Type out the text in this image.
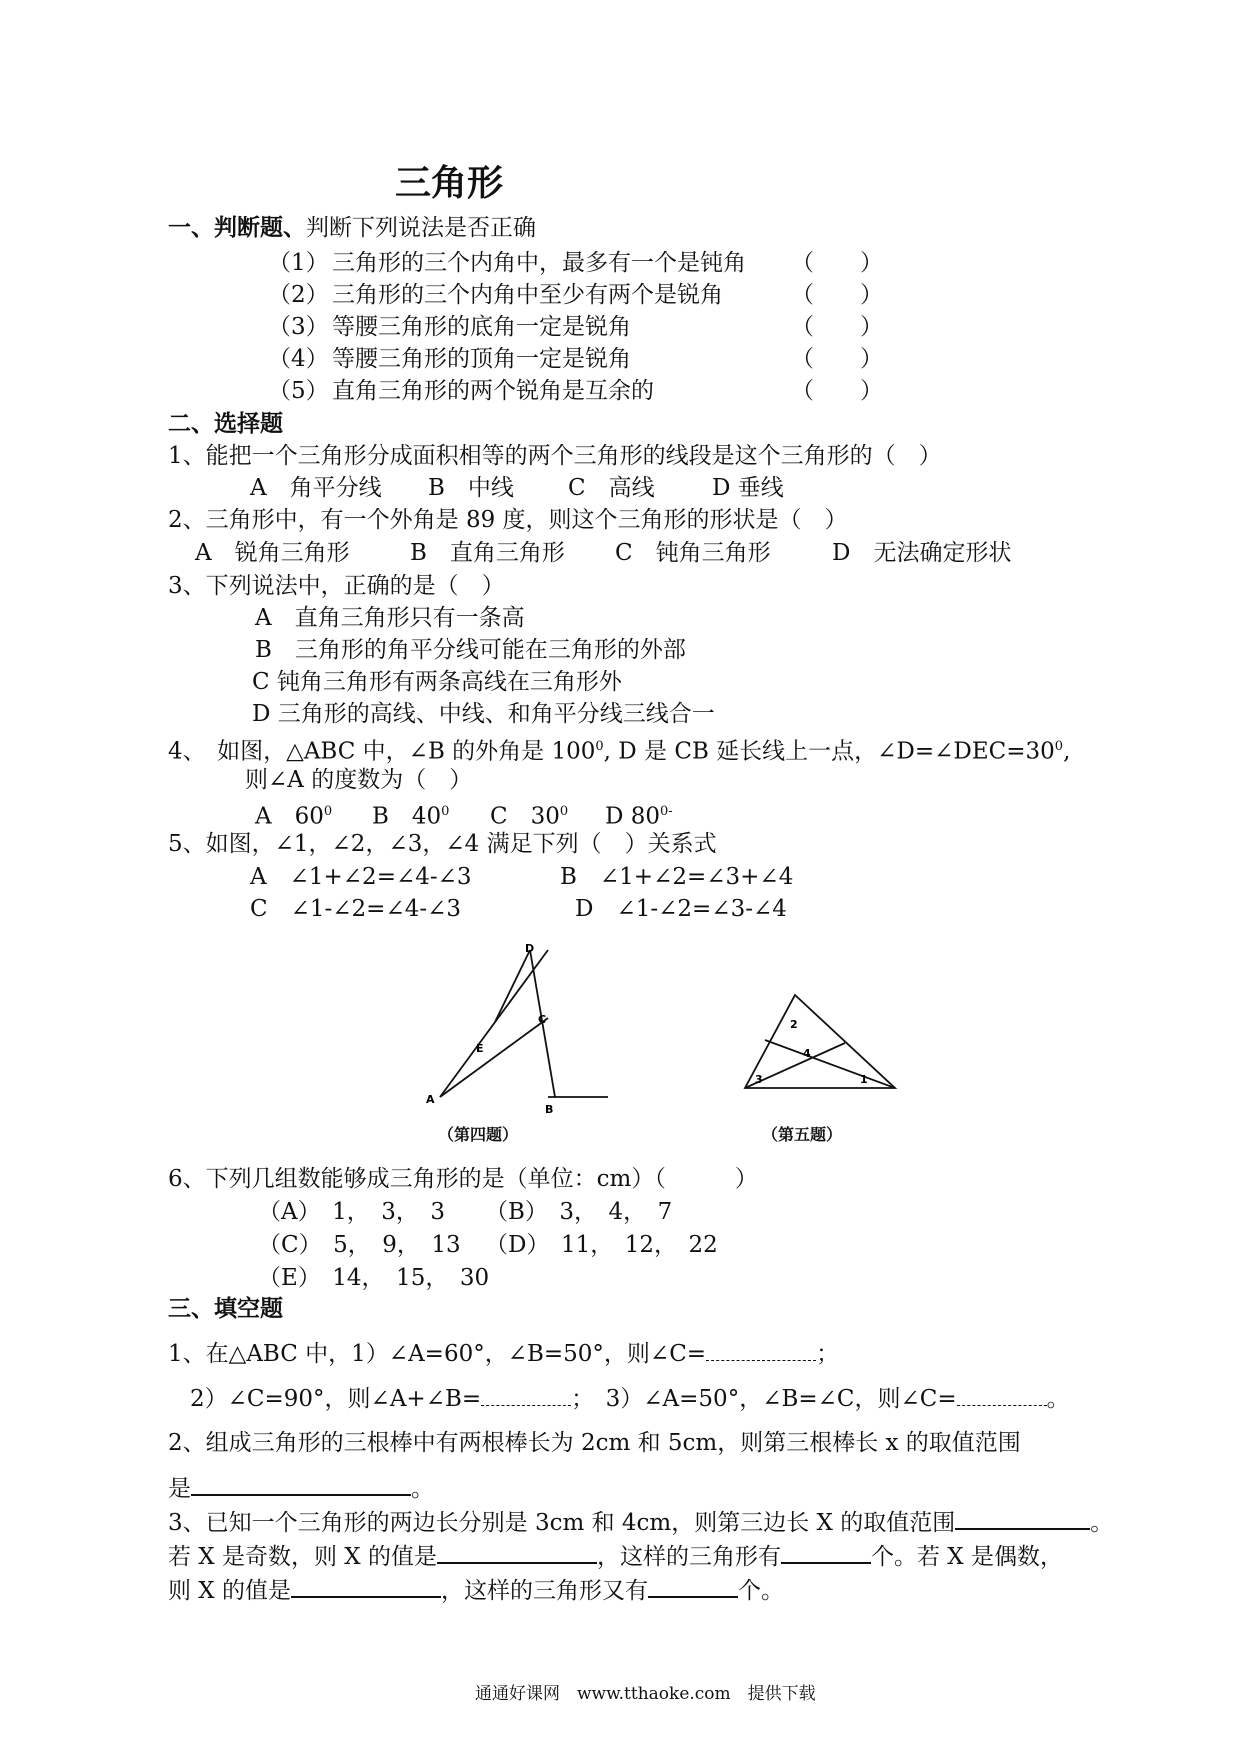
三角形
一、判断题、判断下列说法是否正确
（1） 三角形的三个内角中，最多有一个是钝角 （　　）
（2） 三角形的三个内角中至少有两个是锐角	（　　）
（3） 等腰三角形的底角一定是锐角	（　　）
（4） 等腰三角形的顶角一定是锐角	（　　）
（5） 直角三角形的两个锐角是互余的	（　　）
二、选择题
1、能把一个三角形分成面积相等的两个三角形的线段是这个三角形的（　）
A　角平分线 B　中线 C　高线 D 垂线
2、三角形中，有一个外角是 89 度，则这个三角形的形状是（　）
A　锐角三角形	B　直角三角形 C　钝角三角形	D　无法确定形状
3、下列说法中，正确的是（　）
A　直角三角形只有一条高
B　三角形的角平分线可能在三角形的外部
C 钝角三角形有两条高线在三角形外
D 三角形的高线、中线、和角平分线三线合一
4、　如图，△ABC 中，∠B 的外角是 $100^0$, D 是 CB 延长线上一点，$\angle D=\angle DEC=30^0$,
则∠A 的度数为（　）
A　$60^0$ B　$40^0$ C　$30^0$ D $80^{0-}$
5、如图，∠1，∠2，∠3，∠4 满足下列（　）关系式
A　∠1+∠2=∠4-∠3	B　∠1+∠2=∠3+∠4
C　∠1-∠2=∠4-∠3	D　∠1-∠2=∠3-∠4
D
C
E
A
B
（第四题）
2
4
3	1
（第五题）
6、下列几组数能够成三角形的是（单位：cm）（　　　）
（A）　1，　3，　3 （B）　3，　4，　7
（C）　5，　9，　13 （D）　11，　12，　22
（E）　14，　15，　30
三、填空题
1、在△ABC 中，1）∠A=60°，∠B=50°，则∠C=	；
2）∠C=90°，则∠A+∠B=	；　3）∠A=50°，∠B=∠C，则∠C=	。
2、组成三角形的三根棒中有两根棒长为 2cm 和 5cm，则第三根棒长 x 的取值范围
是	。
3、已知一个三角形的两边长分别是 3cm 和 4cm，则第三边长 X 的取值范围	。
若 X 是奇数，则 X 的值是	，这样的三角形有	个。若 X 是偶数，
则 X 的值是	，这样的三角形又有	个。
通通好课网　www.tthaoke.com　提供下载
